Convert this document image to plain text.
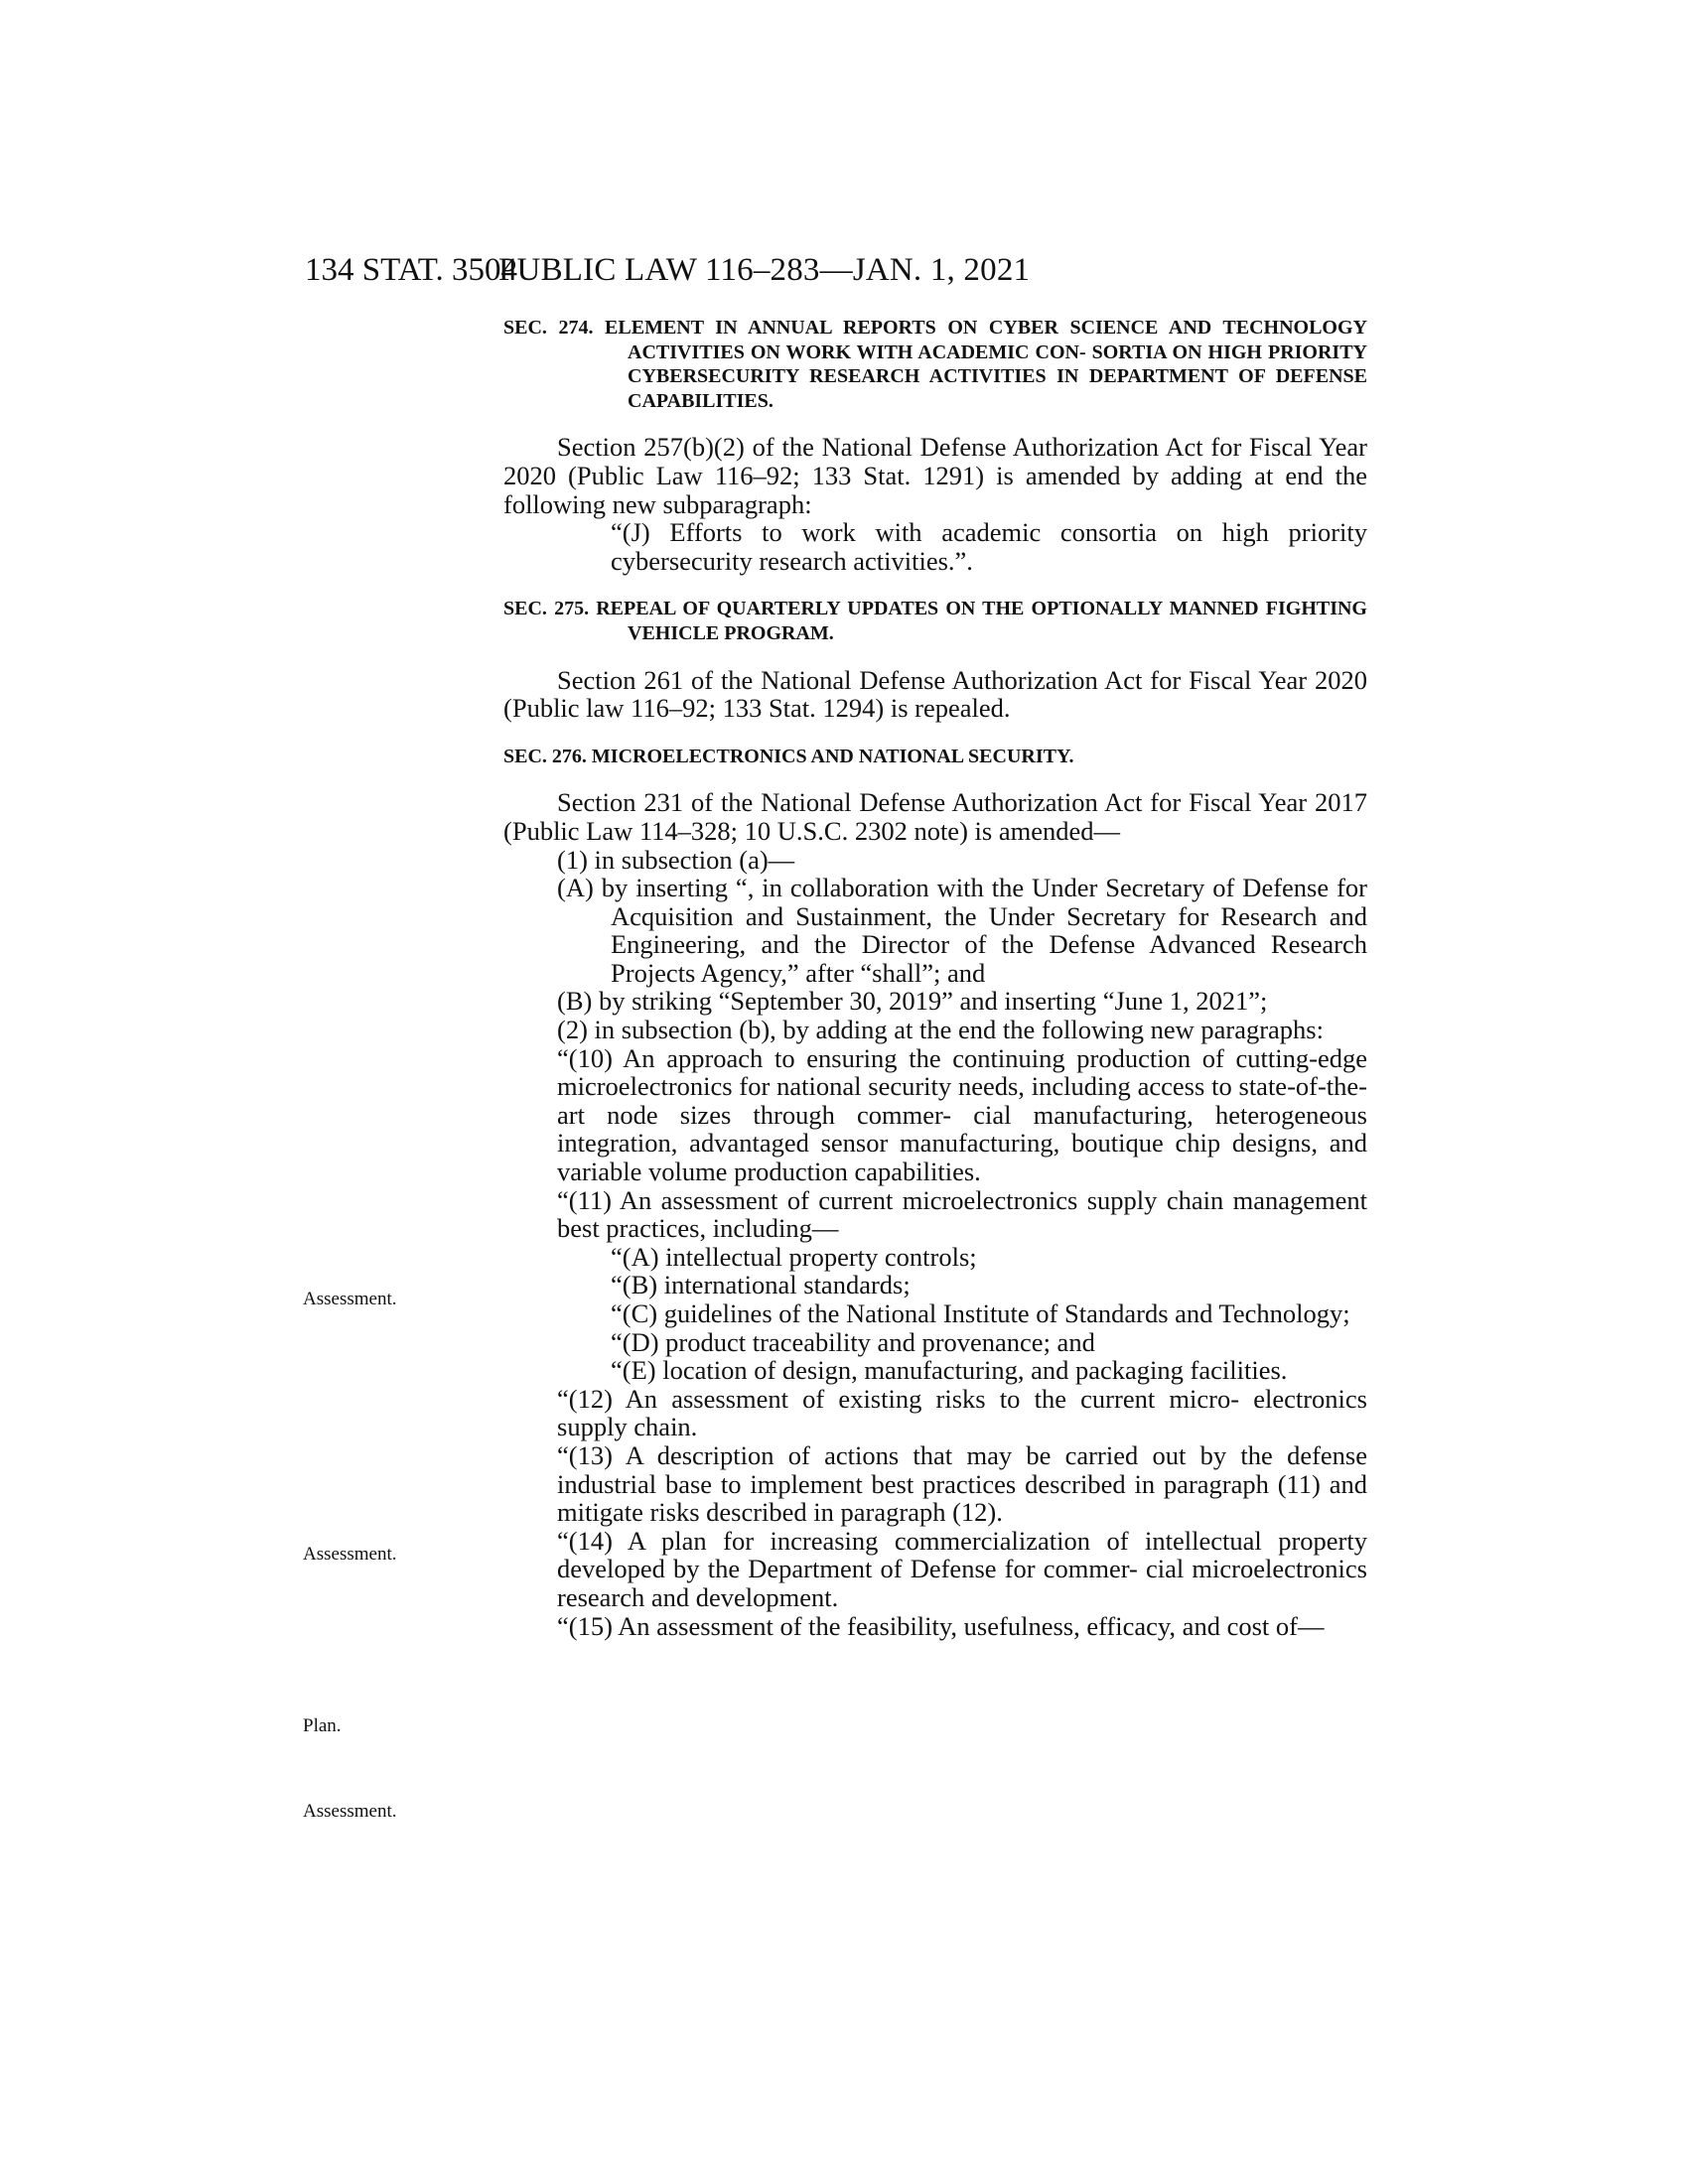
134 STAT. 3504
PUBLIC LAW 116–283—JAN. 1, 2021
Assessment.
Assessment.
Plan.
Assessment.
SEC. 274. ELEMENT IN ANNUAL REPORTS ON CYBER SCIENCE AND TECHNOLOGY ACTIVITIES ON WORK WITH ACADEMIC CON- SORTIA ON HIGH PRIORITY CYBERSECURITY RESEARCH ACTIVITIES IN DEPARTMENT OF DEFENSE CAPABILITIES.

Section 257(b)(2) of the National Defense Authorization Act for Fiscal Year 2020 (Public Law 116–92; 133 Stat. 1291) is amended by adding at end the following new subparagraph:

“(J) Efforts to work with academic consortia on high priority cybersecurity research activities.”.

SEC. 275. REPEAL OF QUARTERLY UPDATES ON THE OPTIONALLY MANNED FIGHTING VEHICLE PROGRAM.

Section 261 of the National Defense Authorization Act for Fiscal Year 2020 (Public law 116–92; 133 Stat. 1294) is repealed.

SEC. 276. MICROELECTRONICS AND NATIONAL SECURITY.

Section 231 of the National Defense Authorization Act for Fiscal Year 2017 (Public Law 114–328; 10 U.S.C. 2302 note) is amended—

(1) in subsection (a)—

(A) by inserting “, in collaboration with the Under Secretary of Defense for Acquisition and Sustainment, the Under Secretary for Research and Engineering, and the Director of the Defense Advanced Research Projects Agency,” after “shall”; and

(B) by striking “September 30, 2019” and inserting “June 1, 2021”;

(2) in subsection (b), by adding at the end the following new paragraphs:

“(10) An approach to ensuring the continuing production of cutting-edge microelectronics for national security needs, including access to state-of-the-art node sizes through commer- cial manufacturing, heterogeneous integration, advantaged sensor manufacturing, boutique chip designs, and variable volume production capabilities.

“(11) An assessment of current microelectronics supply chain management best practices, including—

“(A) intellectual property controls;

“(B) international standards;

“(C) guidelines of the National Institute of Standards and Technology;

“(D) product traceability and provenance; and

“(E) location of design, manufacturing, and packaging facilities.

“(12) An assessment of existing risks to the current micro- electronics supply chain.

“(13) A description of actions that may be carried out by the defense industrial base to implement best practices described in paragraph (11) and mitigate risks described in paragraph (12).

“(14) A plan for increasing commercialization of intellectual property developed by the Department of Defense for commer- cial microelectronics research and development.

“(15) An assessment of the feasibility, usefulness, efficacy, and cost of—
